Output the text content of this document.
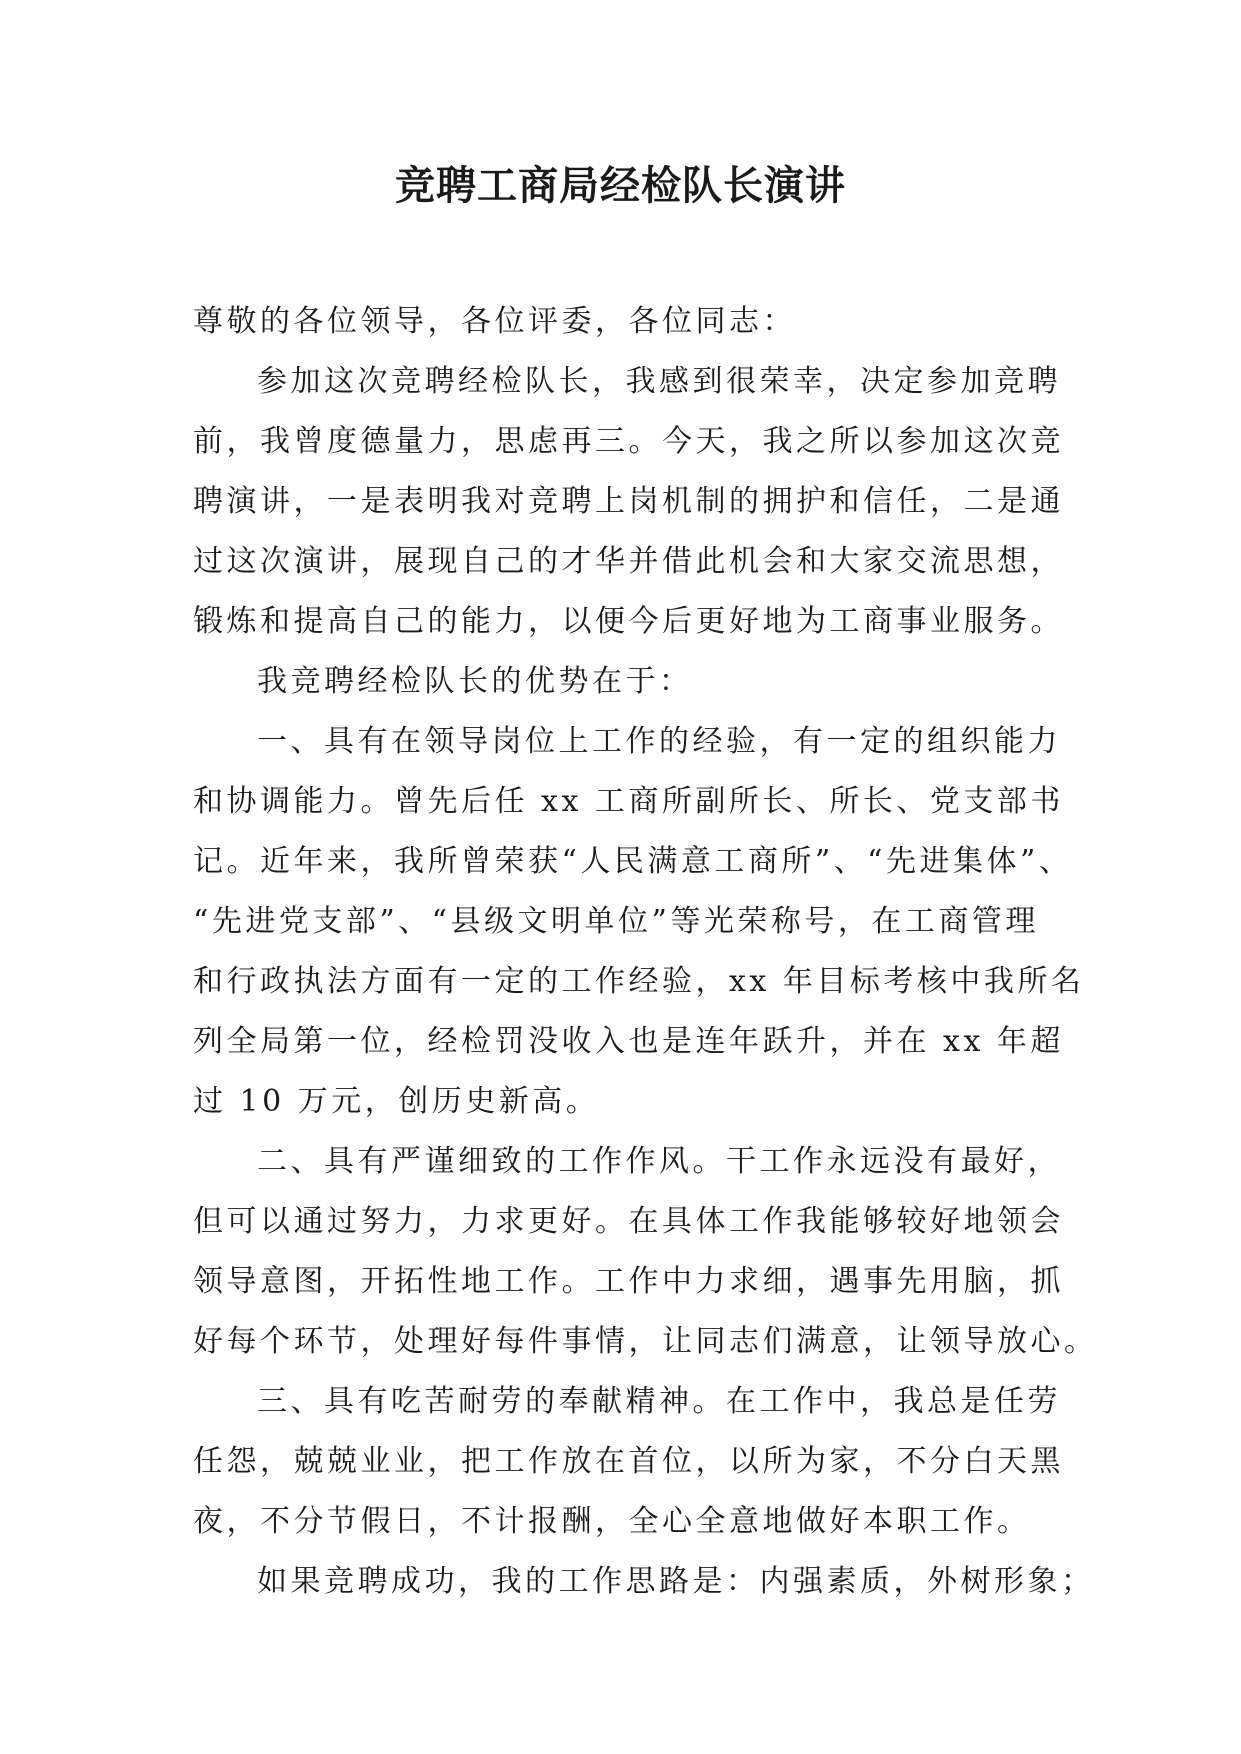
竞聘工商局经检队长演讲

尊敬的各位领导，各位评委，各位同志：

参加这次竞聘经检队长，我感到很荣幸，决定参加竞聘

前，我曾度德量力，思虑再三。今天，我之所以参加这次竞

聘演讲，一是表明我对竞聘上岗机制的拥护和信任，二是通

过这次演讲，展现自己的才华并借此机会和大家交流思想，

锻炼和提高自己的能力，以便今后更好地为工商事业服务。

我竞聘经检队长的优势在于：

一、具有在领导岗位上工作的经验，有一定的组织能力

和协调能力。曾先后任 xx 工商所副所长、所长、党支部书

记。近年来，我所曾荣获“人民满意工商所”、“先进集体”、

“先进党支部”、“县级文明单位”等光荣称号，在工商管理

和行政执法方面有一定的工作经验，xx 年目标考核中我所名

列全局第一位，经检罚没收入也是连年跃升，并在 xx 年超

过 10 万元，创历史新高。

二、具有严谨细致的工作作风。干工作永远没有最好，

但可以通过努力，力求更好。在具体工作我能够较好地领会

领导意图，开拓性地工作。工作中力求细，遇事先用脑，抓

好每个环节，处理好每件事情，让同志们满意，让领导放心。

三、具有吃苦耐劳的奉献精神。在工作中，我总是任劳

任怨，兢兢业业，把工作放在首位，以所为家，不分白天黑

夜，不分节假日，不计报酬，全心全意地做好本职工作。

如果竞聘成功，我的工作思路是：内强素质，外树形象；
